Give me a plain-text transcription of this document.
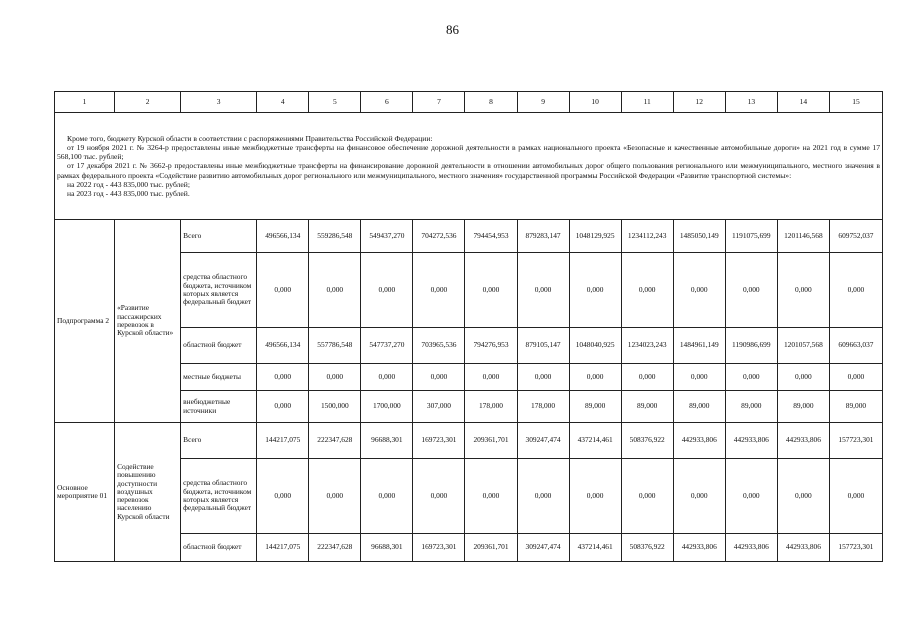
86
1	2	3	4	5	6	7	8	9	10	11	12	13	14	15

Кроме того, бюджету Курской области в соответствии с распоряжениями Правительства Российской Федерации:

от 19 ноября 2021 г. № 3264-р предоставлены иные межбюджетные трансферты на финансовое обеспечение дорожной деятельности в рамках национального проекта «Безопасные и качественные автомобильные дороги» на 2021 год в сумме 17 568,100 тыс. рублей;

от 17 декабря 2021 г. № 3662-р предоставлены иные межбюджетные трансферты на финансирование дорожной деятельности в отношении автомобильных дорог общего пользования регионального или межмуниципального, местного значения в рамках федерального проекта «Содействие развитию автомобильных дорог регионального или межмуниципального, местного значения» государственной программы Российской Федерации «Развитие транспортной системы»:

на 2022 год - 443 835,000 тыс. рублей;

на 2023 год - 443 835,000 тыс. рублей.														

Подпрограмма 2	«Развитие пассажирских перевозок в Курской области»	Всего	496566,134	559286,548	549437,270	704272,536	794454,953	879283,147	1048129,925	1234112,243	1485050,149	1191075,699	1201146,568	609752,037
		средства областного бюджета, источником которых является федеральный бюджет	0,000	0,000	0,000	0,000	0,000	0,000	0,000	0,000	0,000	0,000	0,000	0,000
		областной бюджет	496566,134	557786,548	547737,270	703965,536	794276,953	879105,147	1048040,925	1234023,243	1484961,149	1190986,699	1201057,568	609663,037
		местные бюджеты	0,000	0,000	0,000	0,000	0,000	0,000	0,000	0,000	0,000	0,000	0,000	0,000
		внебюджетные источники	0,000	1500,000	1700,000	307,000	178,000	178,000	89,000	89,000	89,000	89,000	89,000	89,000
Основное мероприятие 01	Содействие повышению доступности воздушных перевозок населению Курской области	Всего	144217,075	222347,628	96688,301	169723,301	209361,701	309247,474	437214,461	508376,922	442933,806	442933,806	442933,806	157723,301
		средства областного бюджета, источником которых является федеральный бюджет	0,000	0,000	0,000	0,000	0,000	0,000	0,000	0,000	0,000	0,000	0,000	0,000
		областной бюджет	144217,075	222347,628	96688,301	169723,301	209361,701	309247,474	437214,461	508376,922	442933,806	442933,806	442933,806	157723,301
